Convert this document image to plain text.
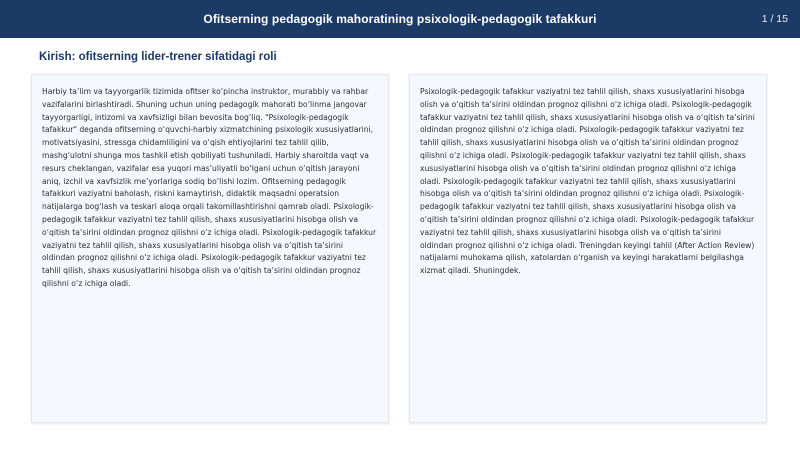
Ofitserning pedagogik mahoratining psixologik-pedagogik tafakkuri	1 / 15
Kirish: ofitserning lider-trener sifatidagi roli

Harbiy ta’lim va tayyorgarlik tizimida ofitser ko‘pincha instruktor, murabbiy va rahbar vazifalarini birlashtiradi. Shuning uchun uning pedagogik mahorati bo‘linma jangovar tayyorgarligi, intizomi va xavfsizligi bilan bevosita bog‘liq. "Psixologik-pedagogik tafakkur" deganda ofitserning o‘quvchi-harbiy xizmatchining psixologik xususiyatlarini, motivatsiyasini, stressga chidamliligini va o‘qish ehtiyojlarini tez tahlil qilib, mashg‘ulotni shunga mos tashkil etish qobiliyati tushuniladi. Harbiy sharoitda vaqt va resurs cheklangan, vazifalar esa yuqori mas’uliyatli bo‘lgani uchun o‘qitish jarayoni aniq, izchil va xavfsizlik me’yorlariga sodiq bo‘lishi lozim. Ofitserning pedagogik tafakkuri vaziyatni baholash, riskni kamaytirish, didaktik maqsadni operatsion natijalarga bog‘lash va teskari aloqa orqali takomillashtirishni qamrab oladi. Psixologik-pedagogik tafakkur vaziyatni tez tahlil qilish, shaxs xususiyatlarini hisobga olish va o‘qitish ta’sirini oldindan prognoz qilishni o‘z ichiga oladi. Psixologik-pedagogik tafakkur vaziyatni tez tahlil qilish, shaxs xususiyatlarini hisobga olish va o‘qitish ta’sirini oldindan prognoz qilishni o‘z ichiga oladi. Psixologik-pedagogik tafakkur vaziyatni tez tahlil qilish, shaxs xususiyatlarini hisobga olish va o‘qitish ta’sirini oldindan prognoz qilishni o‘z ichiga oladi.

Psixologik-pedagogik tafakkur vaziyatni tez tahlil qilish, shaxs xususiyatlarini hisobga olish va o‘qitish ta’sirini oldindan prognoz qilishni o‘z ichiga oladi. Psixologik-pedagogik tafakkur vaziyatni tez tahlil qilish, shaxs xususiyatlarini hisobga olish va o‘qitish ta’sirini oldindan prognoz qilishni o‘z ichiga oladi. Psixologik-pedagogik tafakkur vaziyatni tez tahlil qilish, shaxs xususiyatlarini hisobga olish va o‘qitish ta’sirini oldindan prognoz qilishni o‘z ichiga oladi. Psixologik-pedagogik tafakkur vaziyatni tez tahlil qilish, shaxs xususiyatlarini hisobga olish va o‘qitish ta’sirini oldindan prognoz qilishni o‘z ichiga oladi. Psixologik-pedagogik tafakkur vaziyatni tez tahlil qilish, shaxs xususiyatlarini hisobga olish va o‘qitish ta’sirini oldindan prognoz qilishni o‘z ichiga oladi. Psixologik-pedagogik tafakkur vaziyatni tez tahlil qilish, shaxs xususiyatlarini hisobga olish va o‘qitish ta’sirini oldindan prognoz qilishni o‘z ichiga oladi. Psixologik-pedagogik tafakkur vaziyatni tez tahlil qilish, shaxs xususiyatlarini hisobga olish va o‘qitish ta’sirini oldindan prognoz qilishni o‘z ichiga oladi. Treningdan keyingi tahlil (After Action Review) natijalarni muhokama qilish, xatolardan o‘rganish va keyingi harakatlarni belgilashga xizmat qiladi. Shuningdek.
